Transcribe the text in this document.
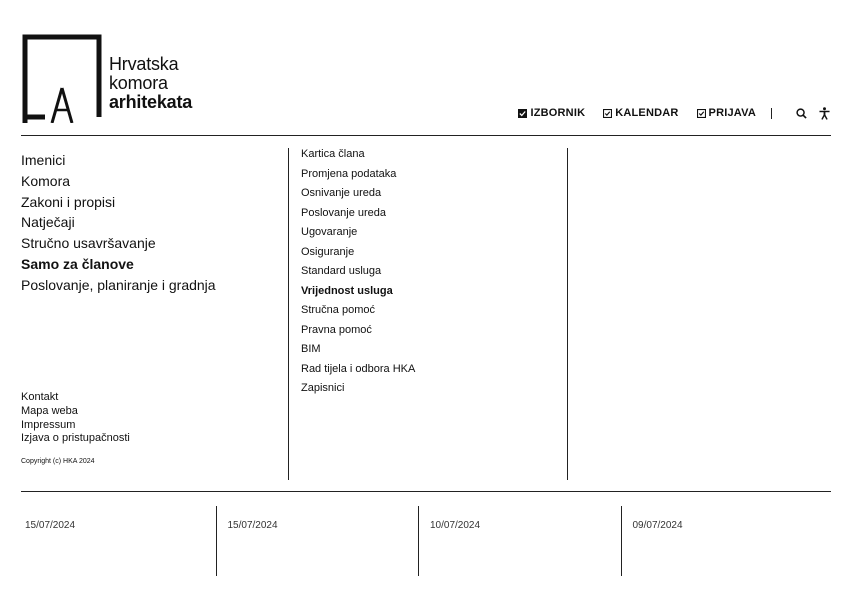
Hrvatska
komora
arhitekata
IZBORNIK	KALENDAR	PRIJAVA
Imenici
Komora
Zakoni i propisi
Natječaji
Stručno usavršavanje
Samo za članove
Poslovanje, planiranje i gradnja
Kontakt
Mapa weba
Impressum
Izjava o pristupačnosti
Copyright (c) HKA 2024
Kartica člana
Promjena podataka
Osnivanje ureda
Poslovanje ureda
Ugovaranje
Osiguranje
Standard usluga
Vrijednost usluga
Stručna pomoć
Pravna pomoć
BIM
Rad tijela i odbora HKA
Zapisnici
15/07/2024	15/07/2024	10/07/2024	09/07/2024
